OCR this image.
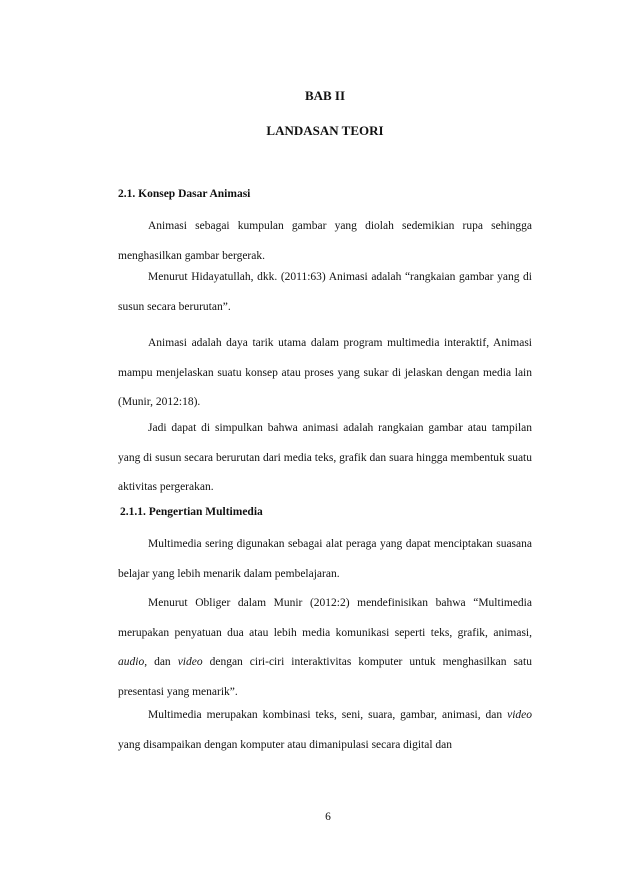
BAB II
LANDASAN TEORI
2.1. Konsep Dasar Animasi

Animasi sebagai kumpulan gambar yang diolah sedemikian rupa sehingga menghasilkan gambar bergerak.

Menurut Hidayatullah, dkk. (2011:63) Animasi adalah “rangkaian gambar yang di susun secara berurutan”.

Animasi adalah daya tarik utama dalam program multimedia interaktif, Animasi mampu menjelaskan suatu konsep atau proses yang sukar di jelaskan dengan media lain (Munir, 2012:18).

Jadi dapat di simpulkan bahwa animasi adalah rangkaian gambar atau tampilan yang di susun secara berurutan dari media teks, grafik dan suara hingga membentuk suatu aktivitas pergerakan.

2.1.1. Pengertian Multimedia

Multimedia sering digunakan sebagai alat peraga yang dapat menciptakan suasana belajar yang lebih menarik dalam pembelajaran.

Menurut Obliger dalam Munir (2012:2) mendefinisikan bahwa “Multimedia merupakan penyatuan dua atau lebih media komunikasi seperti teks, grafik, animasi, audio, dan video dengan ciri-ciri interaktivitas komputer untuk menghasilkan satu presentasi yang menarik”.

Multimedia merupakan kombinasi teks, seni, suara, gambar, animasi, dan video yang disampaikan dengan komputer atau dimanipulasi secara digital dan

6
